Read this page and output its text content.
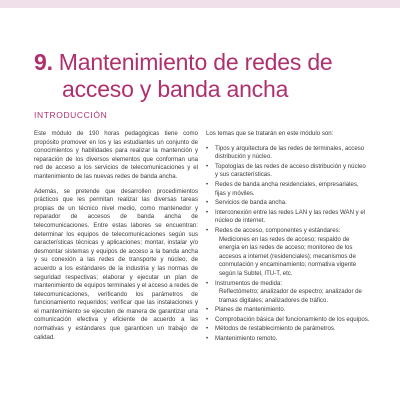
9. Mantenimiento de redes de
acceso y banda ancha
INTRODUCCIÓN

Este módulo de 190 horas pedagógicas tiene como propósito promover en los y las estudiantes un conjunto de conocimientos y habilidades para realizar la mantención y reparación de los diversos elementos que conforman una red de acceso a los servicios de telecomunicaciones y el mantenimiento de las nuevas redes de banda ancha.

Además, se pretende que desarrollen procedimientos prácticos que les permitan realizar las diversas tareas propias de un técnico nivel medio, como mantenedor y reparador de accesos de banda ancha de telecomunicaciones. Entre estas labores se encuentran: determinar los equipos de telecomunicaciones según sus características técnicas y aplicaciones; montar, instalar y/o desmontar sistemas y equipos de acceso a la banda ancha y su conexión a las redes de transporte y núcleo, de acuerdo a los estándares de la industria y las normas de seguridad respectivas; elaborar y ejecutar un plan de mantenimiento de equipos terminales y el acceso a redes de telecomunicaciones, verificando los parámetros de funcionamiento requeridos; verificar que las instalaciones y el mantenimiento se ejecuten de manera de garantizar una comunicación efectiva y eficiente de acuerdo a las normativas y estándares que garanticen un trabajo de calidad.

Los temas que se tratarán en este módulo son:

• Tipos y arquitectura de las redes de terminales, acceso distribución y núcleo.
• Topologías de las redes de acceso distribución y núcleo y sus características.
• Redes de banda ancha residenciales, empresariales, fijas y móviles.
• Servicios de banda ancha.
• Interconexión entre las redes LAN y las redes WAN y el núcleo de internet.
• Redes de acceso, componentes y estándares:
Mediciones en las redes de acceso; respaldo de energía en las redes de acceso; monitoreo de los accesos a internet (residenciales); mecanismos de conmutación y encaminamiento; normativa vigente según la Subtel, ITU-T, etc.
• Instrumentos de medida:
Reflectómetro; analizador de espectro; analizador de tramas digitales; analizadores de tráfico.
• Planes de mantenimiento.
• Comprobación básica del funcionamiento de los equipos.
• Métodos de restablecimiento de parámetros.
• Mantenimiento remoto.
